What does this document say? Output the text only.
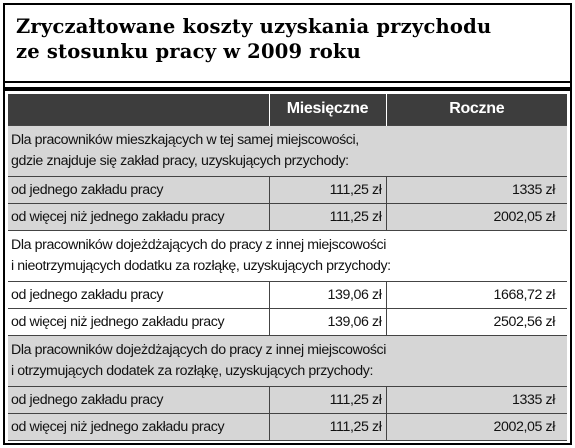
Zryczałtowane koszty uzyskania przychodu
ze stosunku pracy w 2009 roku
	Miesięczne	Roczne
Dla pracowników mieszkających w tej samej miejscowości,
gdzie znajduje się zakład pracy, uzyskujących przychody:		
od jednego zakładu pracy	111,25 zł	1335 zł
od więcej niż jednego zakładu pracy	111,25 zł	2002,05 zł
Dla pracowników dojeżdżających do pracy z innej miejscowości
i nieotrzymujących dodatku za rozłąkę, uzyskujących przychody:		
od jednego zakładu pracy	139,06 zł	1668,72 zł
od więcej niż jednego zakładu pracy	139,06 zł	2502,56 zł
Dla pracowników dojeżdżających do pracy z innej miejscowości
i otrzymujących dodatek za rozłąkę, uzyskujących przychody:		
od jednego zakładu pracy	111,25 zł	1335 zł
od więcej niż jednego zakładu pracy	111,25 zł	2002,05 zł
